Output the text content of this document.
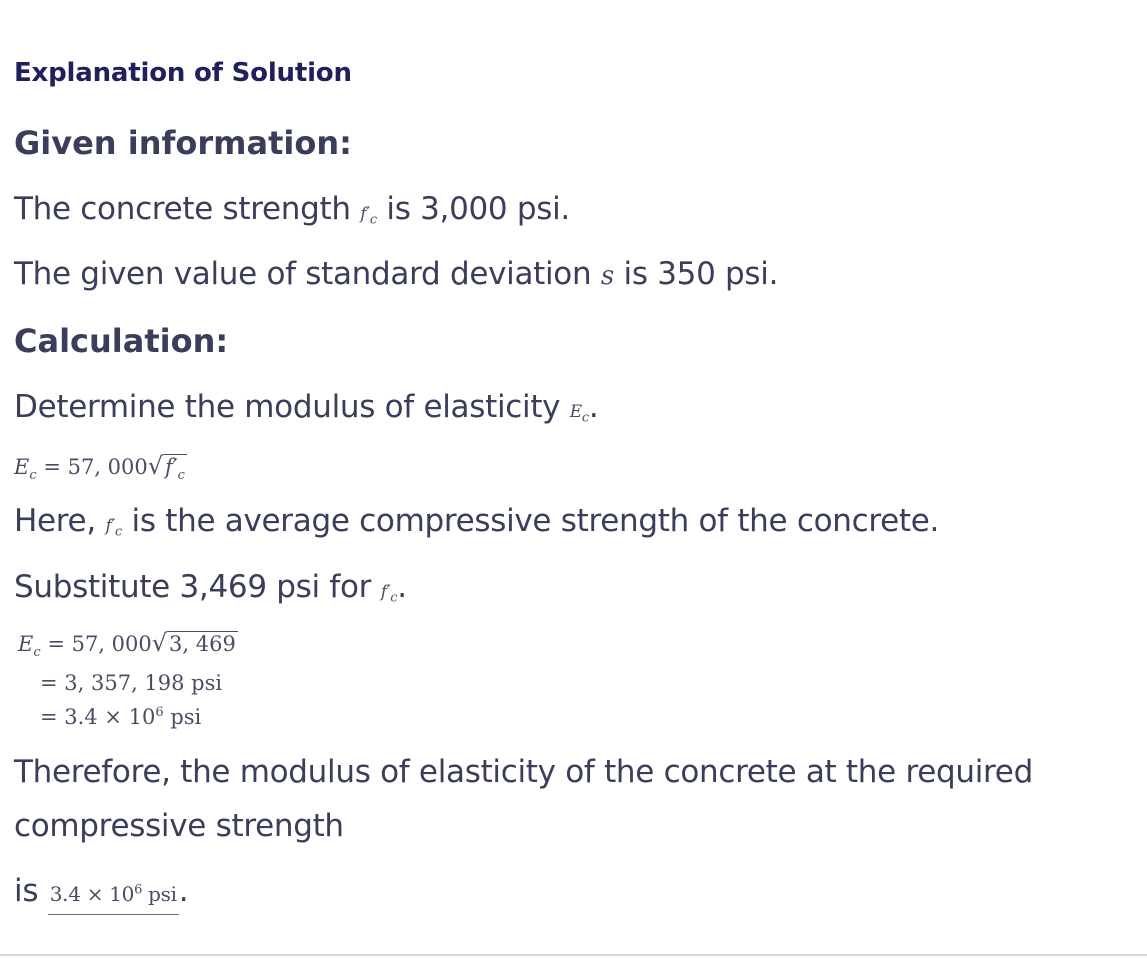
Explanation of Solution
Given information:
The concrete strength $f'_c$ is 3,000 psi.
The given value of standard deviation s is 350 psi.
Calculation:
Determine the modulus of elasticity $E_c$.
$E_c = 57$, $000√f'_c$
Here, $f'_c$ is the average compressive strength of the concrete.
Substitute 3,469 psi for $f'_c$.
$E_c = 57$, 000√3, 469
= 3, 357, 198 psi
= $3.4 \times 10^6$ psi
Therefore, the modulus of elasticity of the concrete at the required
compressive strength
is $3.4 \times 10^6$ psi.
